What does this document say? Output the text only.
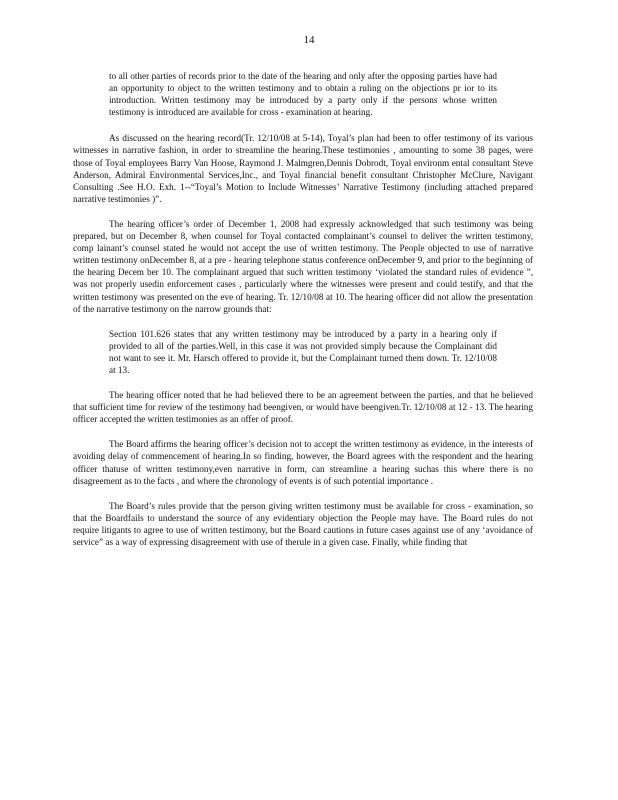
14

to all other parties of records prior to the date of the hearing and only after the opposing parties have had an opportunity to object to the written testimony and to obtain a ruling on the objections pr ior to its introduction. Written testimony may be introduced by a party only if the persons whose written testimony is introduced are available for cross - examination at hearing.

As discussed on the hearing record(Tr. 12/10/08 at 5-14), Toyal’s plan had been to offer testimony of its various witnesses in narrative fashion, in order to streamline the hearing.These testimonies , amounting to some 38 pages, were those of Toyal employees Barry Van Hoose, Raymond J. Malmgren,Dennis Dobrodt, Toyal environm ental consultant Steve Anderson, Admiral Environmental Services,Inc., and Toyal financial benefit consultant Christopher McClure, Navigant Consulting .See H.O. Exh. 1--“Toyal’s Motion to Include Witnesses’ Narrative Testimony (including attached prepared narrative testimonies )”.

The hearing officer’s order of December 1, 2008 had expressly acknowledged that such testimony was being prepared, but on December 8, when counsel for Toyal contacted complainant’s counsel to deliver the written testimony, comp lainant’s counsel stated he would not accept the use of written testimony. The People objected to use of narrative written testimony onDecember 8, at a pre - hearing telephone status conference onDecember 9, and prior to the beginning of the hearing Decem ber 10. The complainant argued that such written testimony ‘violated the standard rules of evidence ”, was not properly usedin enforcement cases , particularly where the witnesses were present and could testify, and that the written testimony was presented on the eve of hearing. Tr. 12/10/08 at 10. The hearing officer did not allow the presentation of the narrative testimony on the narrow grounds that:

Section 101.626 states that any written testimony may be introduced by a party in a hearing only if provided to all of the parties.Well, in this case it was not provided simply because the Complainant did not want to see it. Mr. Harsch offered to provide it, but the Complainant turned them down. Tr. 12/10/08 at 13.

The hearing officer noted that he had believed there to be an agreement between the parties, and that he believed that sufficient time for review of the testimony had beengiven, or would have beengiven.Tr. 12/10/08 at 12 - 13. The hearing officer accepted the written testimonies as an offer of proof.

The Board affirms the hearing officer’s decision not to accept the written testimony as evidence, in the interests of avoiding delay of commencement of hearing.In so finding, however, the Board agrees with the respondent and the hearing officer thatuse of written testimony,even narrative in form, can streamline a hearing suchas this where there is no disagreement as to the facts , and where the chronology of events is of such potential importance .

The Board’s rules provide that the person giving written testimony must be available for cross - examination, so that the Boardfails to understand the source of any evidentiary objection the People may have. The Board rules do not require litigants to agree to use of written testimony, but the Board cautions in future cases against use of any ‘avoidance of service” as a way of expressing disagreement with use of therule in a given case. Finally, while finding that
